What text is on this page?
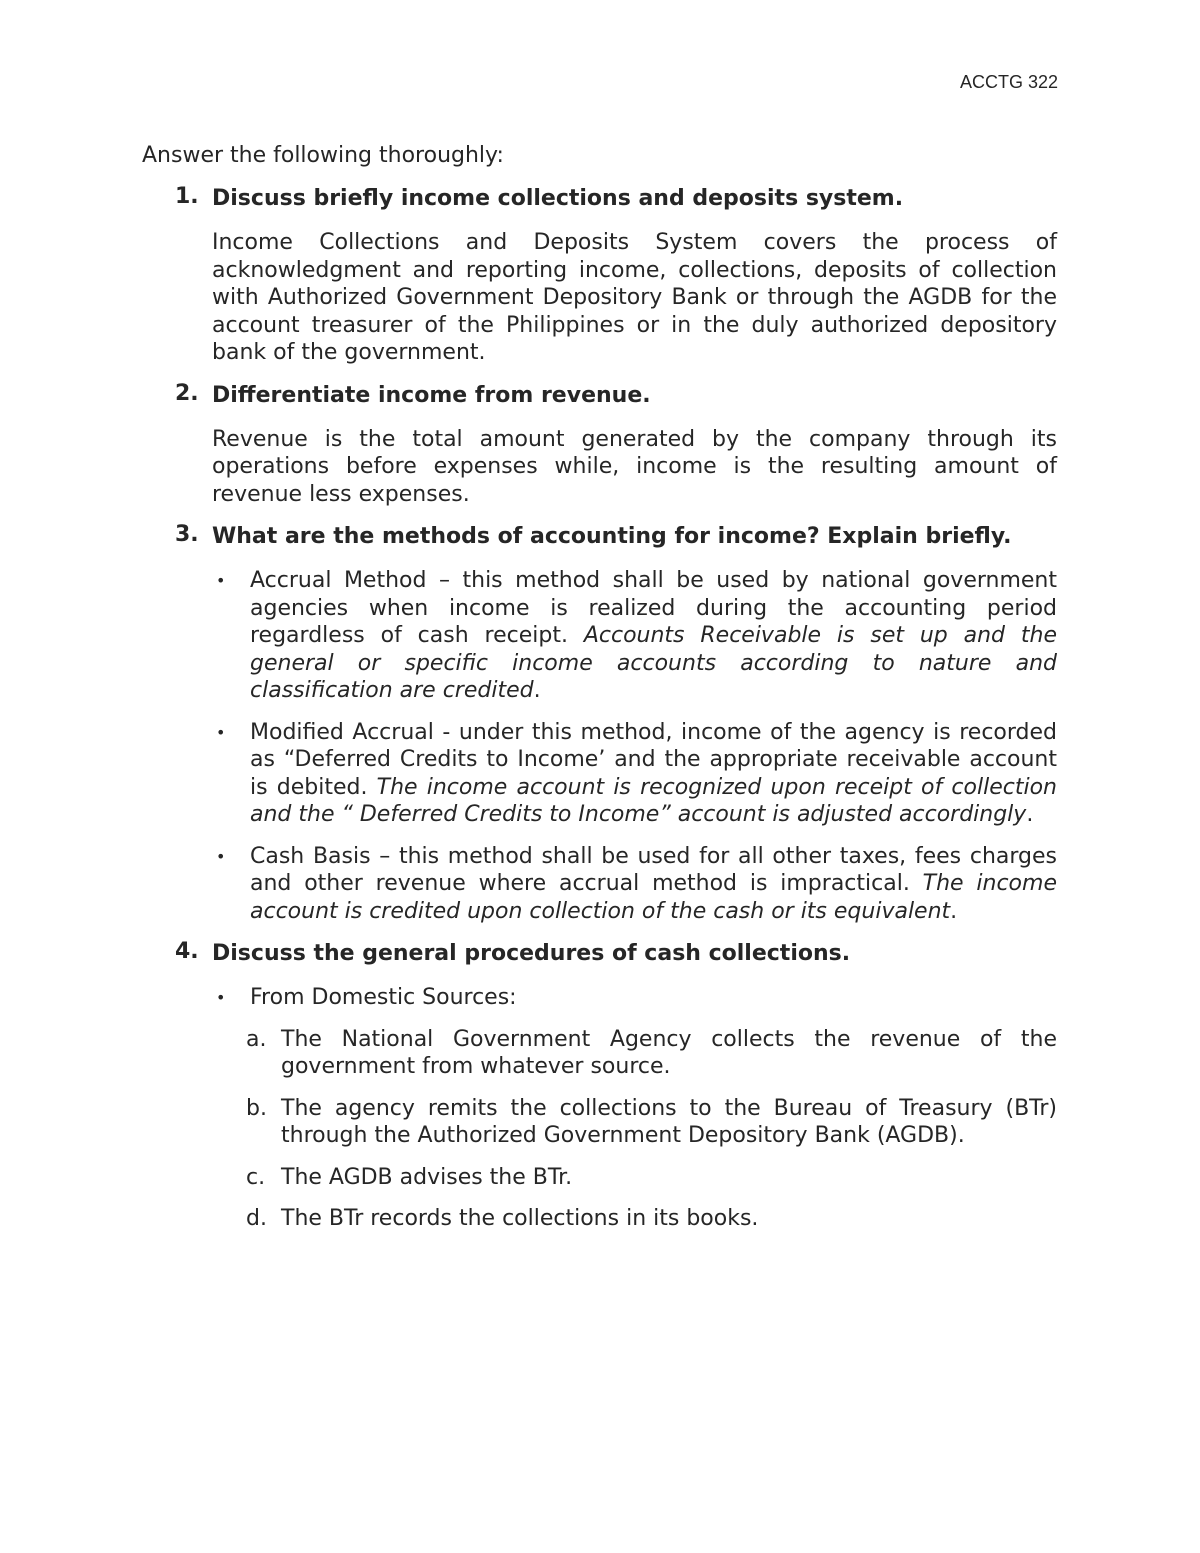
ACCTG 322
Answer the following thoroughly:
1. Discuss briefly income collections and deposits system.
Income Collections and Deposits System covers the process of acknowledgment and reporting income, collections, deposits of collection with Authorized Government Depository Bank or through the AGDB for the account treasurer of the Philippines or in the duly authorized depository bank of the government.
2. Differentiate income from revenue.
Revenue is the total amount generated by the company through its operations before expenses while, income is the resulting amount of revenue less expenses.
3. What are the methods of accounting for income? Explain briefly.
•	Accrual Method – this method shall be used by national government agencies when income is realized during the accounting period regardless of cash receipt. Accounts Receivable is set up and the general or specific income accounts according to nature and classification are credited.
•	Modified Accrual - under this method, income of the agency is recorded as “Deferred Credits to Income’ and the appropriate receivable account is debited. The income account is recognized upon receipt of collection and the “ Deferred Credits to Income” account is adjusted accordingly.
•	Cash Basis – this method shall be used for all other taxes, fees charges and other revenue where accrual method is impractical. The income account is credited upon collection of the cash or its equivalent.
4. Discuss the general procedures of cash collections.
•	From Domestic Sources:
a. The National Government Agency collects the revenue of the government from whatever source.
b. The agency remits the collections to the Bureau of Treasury (BTr) through the Authorized Government Depository Bank (AGDB).
c. The AGDB advises the BTr.
d. The BTr records the collections in its books.
